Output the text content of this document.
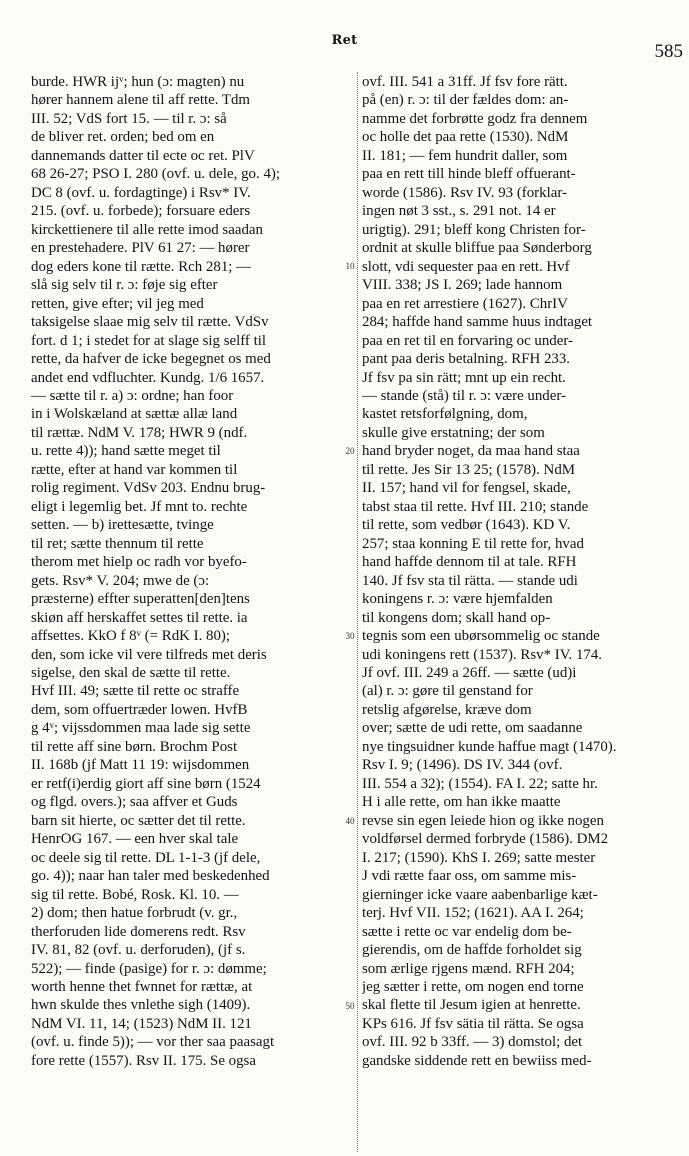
Ret
585
burde. HWR ijᵛ; hun (ɔ: magten) nu
hører hannem alene til aff rette. Tdm
III. 52; VdS fort 15. — til r. ɔ: så
de bliver ret. orden; bed om en
dannemands datter til ecte oc ret. PlV
68 26-27; PSO I. 280 (ovf. u. dele, go. 4);
DC 8 (ovf. u. fordagtinge) i Rsv* IV.
215. (ovf. u. forbede); forsuare eders
kirckettienere til alle rette imod saadan
en prestehadere. PlV 61 27: — hører
dog eders kone til rætte. Rch 281; —
slå sig selv til r. ɔ: føje sig efter
retten, give efter; vil jeg med
taksigelse slaae mig selv til rætte. VdSv
fort. d 1; i stedet for at slage sig selff til
rette, da hafver de icke begegnet os med
andet end vdfluchter. Kundg. 1/6 1657.
— sætte til r. a) ɔ: ordne; han foor
in i Wolskæland at sættæ allæ land
til rættæ. NdM V. 178; HWR 9 (ndf.
u. rette 4)); hand sætte meget til
rætte, efter at hand var kommen til
rolig regiment. VdSv 203. Endnu brug-
eligt i legemlig bet. Jf mnt to. rechte
setten. — b) irettesætte, tvinge
til ret; sætte thennum til rette
therom met hielp oc radh vor byefo-
gets. Rsv* V. 204; mwe de (ɔ:
præsterne) effter superatten[den]tens
skiøn aff herskaffet settes til rette. ia
affsettes. KkO f 8ᵛ (= RdK I. 80);
den, som icke vil vere tilfreds met deris
sigelse, den skal de sætte til rette.
Hvf III. 49; sætte til rette oc straffe
dem, som offuertræder lowen. HvfB
g 4ᵛ; vijssdommen maa lade sig sette
til rette aff sine børn. Brochm Post
II. 168b (jf Matt 11 19: wijsdommen
er retf(i)erdig giort aff sine børn (1524
og flgd. overs.); saa affver et Guds
barn sit hierte, oc sætter det til rette.
HenrOG 167. — een hver skal tale
oc deele sig til rette. DL 1-1-3 (jf dele,
go. 4)); naar han taler med beskedenhed
sig til rette. Bobé, Rosk. Kl. 10. —
2) dom; then hatue forbrudt (v. gr.,
therforuden lide domerens redt. Rsv
IV. 81, 82 (ovf. u. derforuden), (jf s.
522); — finde (pasige) for r. ɔ: dømme;
worth henne thet fwnnet for rættæ, at
hwn skulde thes vnlethe sigh (1409).
NdM VI. 11, 14; (1523) NdM II. 121
(ovf. u. finde 5)); — vor ther saa paasagt
fore rette (1557). Rsv II. 175. Se ogsa
ovf. III. 541 a 31ff. Jf fsv fore rätt.
på (en) r. ɔ: til der fældes dom: an-
namme det forbrøtte godz fra dennem
oc holle det paa rette (1530). NdM
II. 181; — fem hundrit daller, som
paa en rett till hinde bleff offuerant-
worde (1586). Rsv IV. 93 (forklar-
ingen nøt 3 sst., s. 291 not. 14 er
urigtig). 291; bleff kong Christen for-
ordnit at skulle bliffue paa Sønderborg
slott, vdi sequester paa en rett. Hvf
VIII. 338; JS I. 269; lade hannom
paa en ret arrestiere (1627). ChrIV
284; haffde hand samme huus indtaget
paa en ret til en forvaring oc under-
pant paa deris betalning. RFH 233.
Jf fsv pa sin rätt; mnt up ein recht.
— stande (stå) til r. ɔ: være under-
kastet retsforfølgning, dom,
skulle give erstatning; der som
hand bryder noget, da maa hand staa
til rette. Jes Sir 13 25; (1578). NdM
II. 157; hand vil for fengsel, skade,
tabst staa til rette. Hvf III. 210; stande
til rette, som vedbør (1643). KD V.
257; staa konning E til rette for, hvad
hand haffde dennom til at tale. RFH
140. Jf fsv sta til rätta. — stande udi
koningens r. ɔ: være hjemfalden
til kongens dom; skall hand op-
tegnis som een ubørsommelig oc stande
udi koningens rett (1537). Rsv* IV. 174.
Jf ovf. III. 249 a 26ff. — sætte (ud)i
(al) r. ɔ: gøre til genstand for
retslig afgørelse, kræve dom
over; sætte de udi rette, om saadanne
nye tingsuidner kunde haffue magt (1470).
Rsv I. 9; (1496). DS IV. 344 (ovf.
III. 554 a 32); (1554). FA I. 22; satte hr.
H i alle rette, om han ikke maatte
revse sin egen leiede hion og ikke nogen
voldførsel dermed forbryde (1586). DM2
I. 217; (1590). KhS I. 269; satte mester
J vdi rætte faar oss, om samme mis-
gierninger icke vaare aabenbarlige kæt-
terj. Hvf VII. 152; (1621). AA I. 264;
sætte i rette oc var endelig dom be-
gierendis, om de haffde forholdet sig
som ærlige rjgens mænd. RFH 204;
jeg sætter i rette, om nogen end torne
skal flette til Jesum igien at henrette.
KPs 616. Jf fsv sätia til rätta. Se ogsa
ovf. III. 92 b 33ff. — 3) domstol; det
gandske siddende rett en bewiiss med-
10
20
30
40
50
